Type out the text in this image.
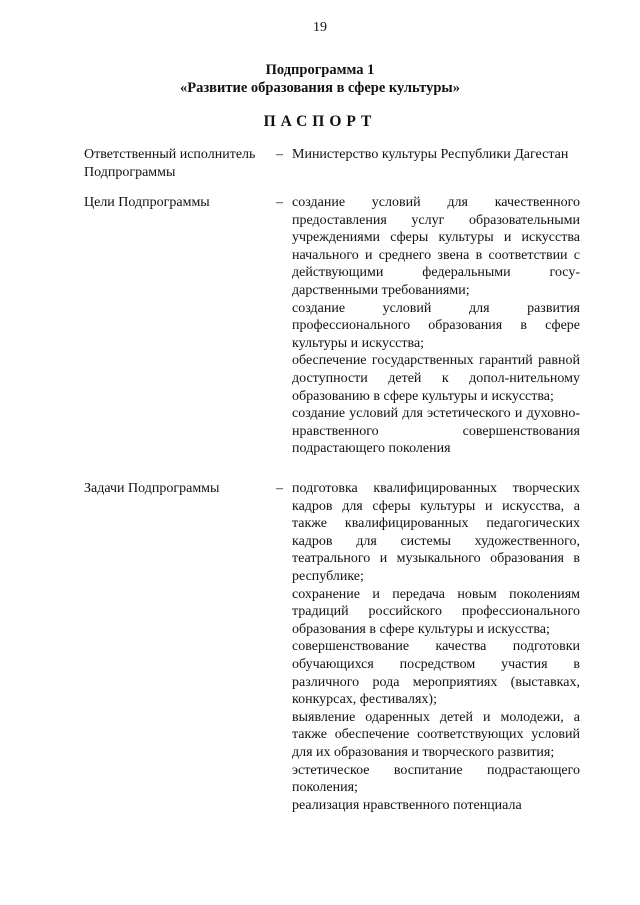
19
Подпрограмма 1
«Развитие образования в сфере культуры»
ПАСПОРТ
Ответственный исполнитель Подпрограммы
– Министерство культуры Республики Дагестан

Цели Подпрограммы	– создание условий для качественного предоставления услуг образовательными учреждениями сферы культуры и искусства начального и среднего звена в соответствии с действующими федеральными госу-дарственными требованиями;

создание условий для развития профессионального образования в сфере культуры и искусства;

обеспечение государственных гарантий равной доступности детей к допол-нительному образованию в сфере культуры и искусства;

создание условий для эстетического и духовно-нравственного совершенствования подрастающего поколения

Задачи Подпрограммы	– подготовка квалифицированных творческих кадров для сферы культуры и искусства, а также квалифицированных педагогических кадров для системы художественного, театрального и музыкального образования в республике;

сохранение и передача новым поколениям традиций российского профессионального образования в сфере культуры и искусства;

совершенствование качества подготовки обучающихся посредством участия в различного рода мероприятиях (выставках, конкурсах, фестивалях);

выявление одаренных детей и молодежи, а также обеспечение соответствующих условий для их образования и творческого развития;

эстетическое воспитание подрастающего поколения;

реализация нравственного потенциала
